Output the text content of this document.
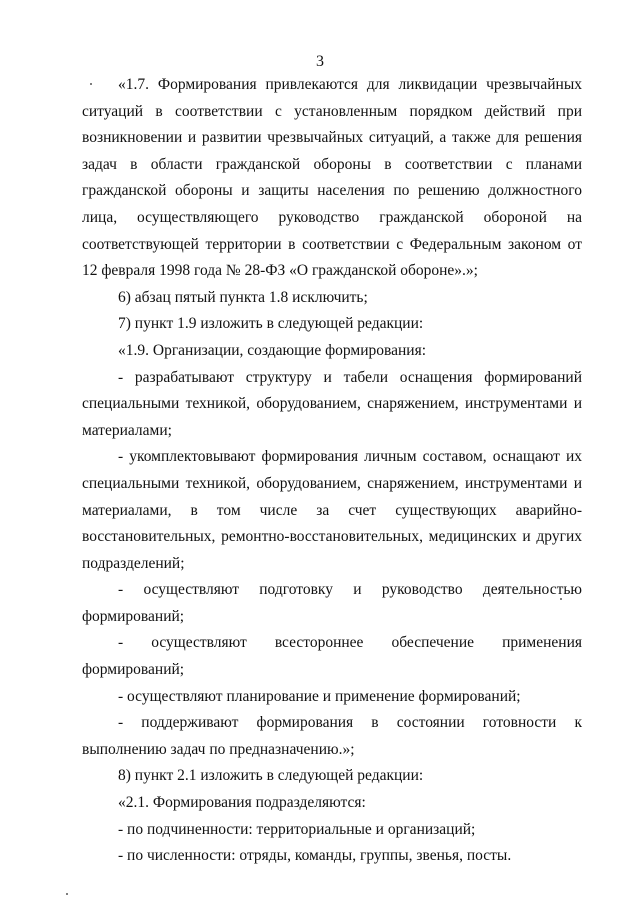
3

«1.7. Формирования привлекаются для ликвидации чрезвычайных ситуаций в соответствии с установленным порядком действий при возникновении и развитии чрезвычайных ситуаций, а также для решения задач в области гражданской обороны в соответствии с планами гражданской обороны и защиты населения по решению должностного лица, осуществляющего руководство гражданской обороной на соответствующей территории в соответствии с Федеральным законом от 12 февраля 1998 года № 28-ФЗ «О гражданской обороне».»;

6) абзац пятый пункта 1.8 исключить;

7) пункт 1.9 изложить в следующей редакции:

«1.9. Организации, создающие формирования:

- разрабатывают структуру и табели оснащения формирований специальными техникой, оборудованием, снаряжением, инструментами и материалами;

- укомплектовывают формирования личным составом, оснащают их специальными техникой, оборудованием, снаряжением, инструментами и материалами, в том числе за счет существующих аварийно-восстановительных, ремонтно-восстановительных, медицинских и других подразделений;

- осуществляют подготовку и руководство деятельностью формирований;

- осуществляют всестороннее обеспечение применения формирований;

- осуществляют планирование и применение формирований;

- поддерживают формирования в состоянии готовности к выполнению задач по предназначению.»;

8) пункт 2.1 изложить в следующей редакции:

«2.1. Формирования подразделяются:

- по подчиненности: территориальные и организаций;

- по численности: отряды, команды, группы, звенья, посты.
